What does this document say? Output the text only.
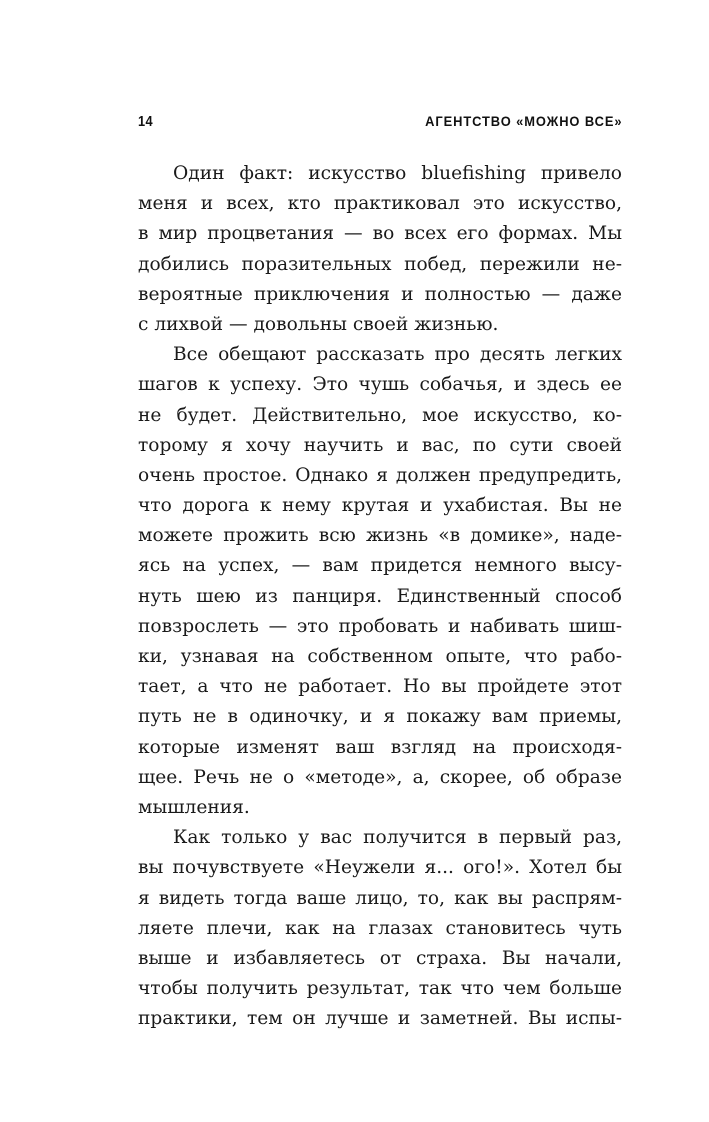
14	АГЕНТСТВО «МОЖНО ВСЕ»
Один факт: искусство bluefishing привело
меня и всех, кто практиковал это искусство,
в мир процветания — во всех его формах. Мы
добились поразительных побед, пережили не-
вероятные приключения и полностью — даже
с лихвой — довольны своей жизнью.
Все обещают рассказать про десять легких
шагов к успеху. Это чушь собачья, и здесь ее
не будет. Действительно, мое искусство, ко-
торому я хочу научить и вас, по сути своей
очень простое. Однако я должен предупредить,
что дорога к нему крутая и ухабистая. Вы не
можете прожить всю жизнь «в домике», наде-
ясь на успех, — вам придется немного высу-
нуть шею из панциря. Единственный способ
повзрослеть — это пробовать и набивать шиш-
ки, узнавая на собственном опыте, что рабо-
тает, а что не работает. Но вы пройдете этот
путь не в одиночку, и я покажу вам приемы,
которые изменят ваш взгляд на происходя-
щее. Речь не о «методе», а, скорее, об образе
мышления.
Как только у вас получится в первый раз,
вы почувствуете «Неужели я... ого!». Хотел бы
я видеть тогда ваше лицо, то, как вы распрям-
ляете плечи, как на глазах становитесь чуть
выше и избавляетесь от страха. Вы начали,
чтобы получить результат, так что чем больше
практики, тем он лучше и заметней. Вы испы-
